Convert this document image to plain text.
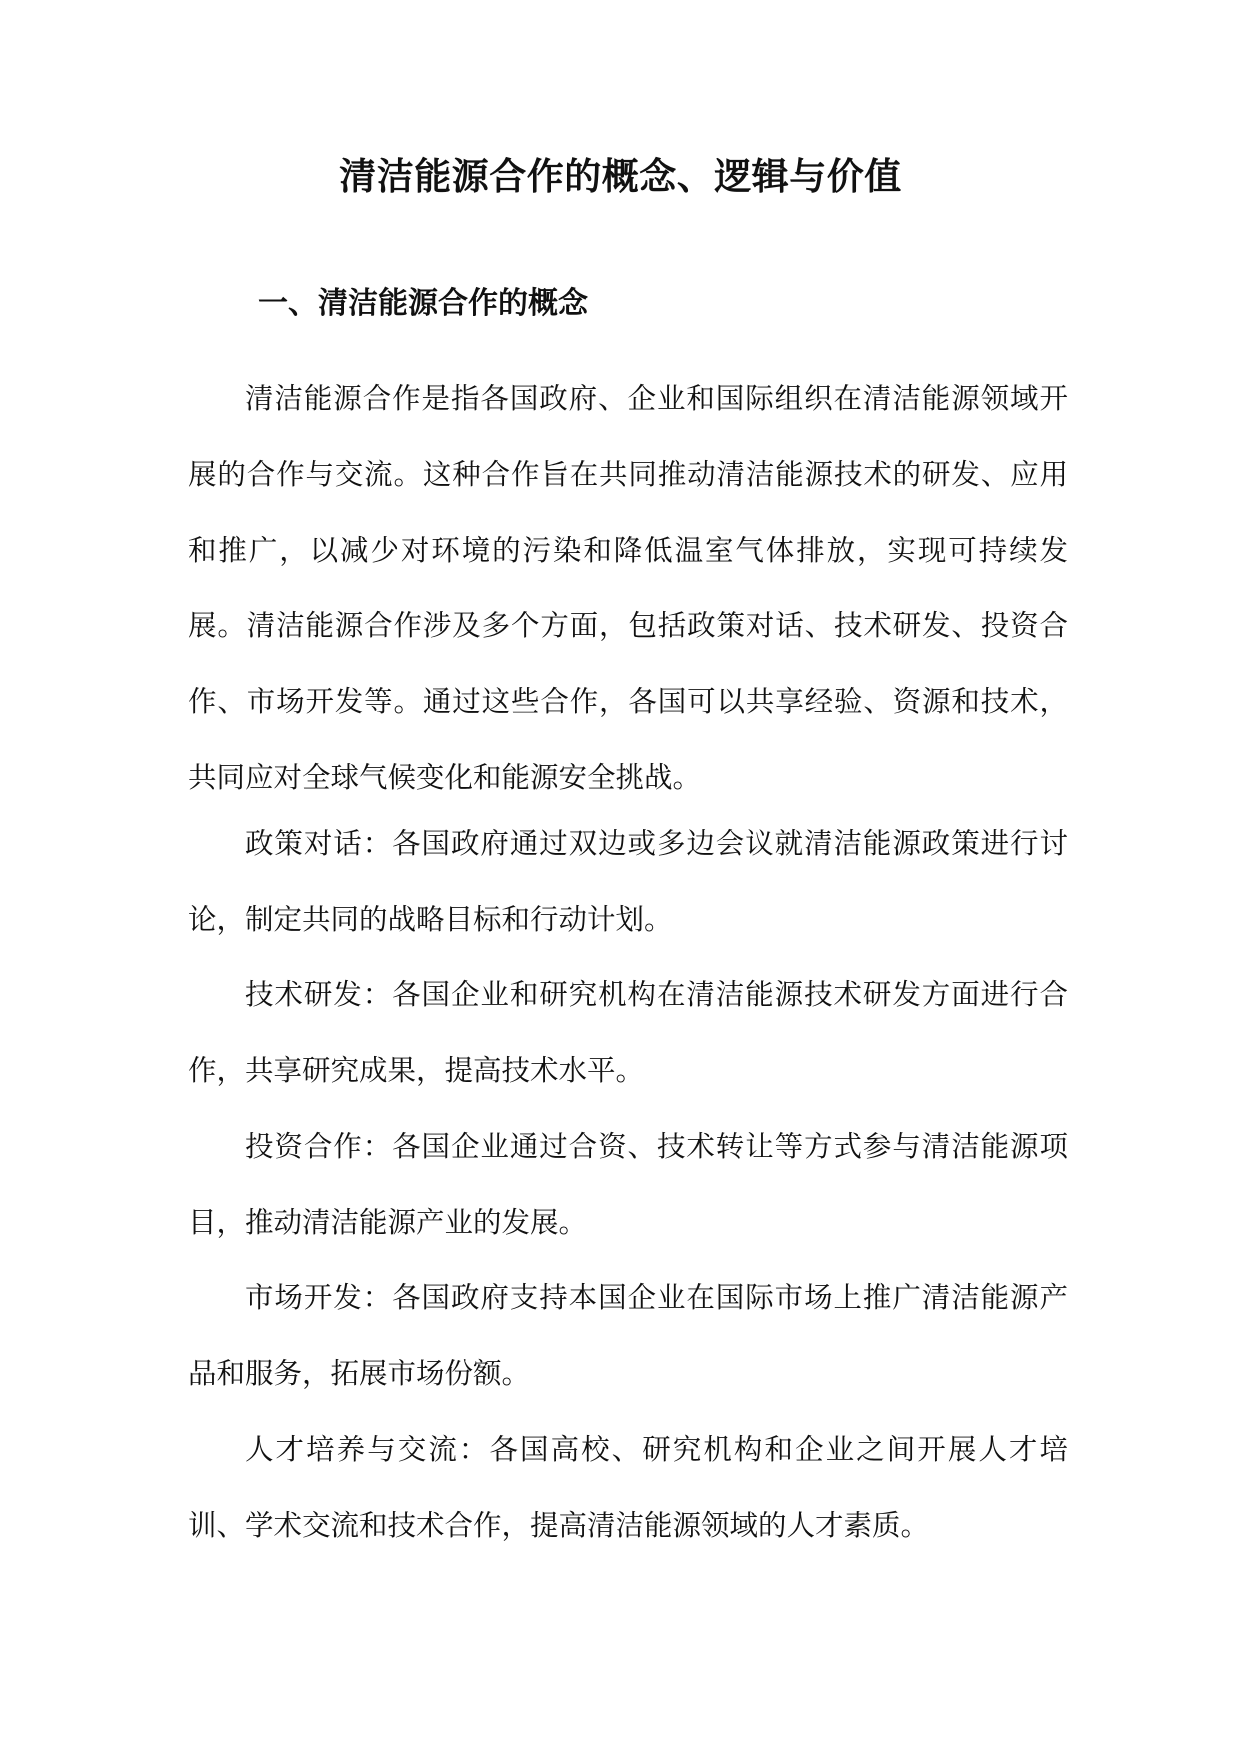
清洁能源合作的概念、逻辑与价值
一、清洁能源合作的概念

清洁能源合作是指各国政府、企业和国际组织在清洁能源领域开展的合作与交流。这种合作旨在共同推动清洁能源技术的研发、应用和推广，以减少对环境的污染和降低温室气体排放，实现可持续发展。清洁能源合作涉及多个方面，包括政策对话、技术研发、投资合作、市场开发等。通过这些合作，各国可以共享经验、资源和技术，共同应对全球气候变化和能源安全挑战。

政策对话：各国政府通过双边或多边会议就清洁能源政策进行讨论，制定共同的战略目标和行动计划。

技术研发：各国企业和研究机构在清洁能源技术研发方面进行合作，共享研究成果，提高技术水平。

投资合作：各国企业通过合资、技术转让等方式参与清洁能源项目，推动清洁能源产业的发展。

市场开发：各国政府支持本国企业在国际市场上推广清洁能源产品和服务，拓展市场份额。

人才培养与交流：各国高校、研究机构和企业之间开展人才培训、学术交流和技术合作，提高清洁能源领域的人才素质。
